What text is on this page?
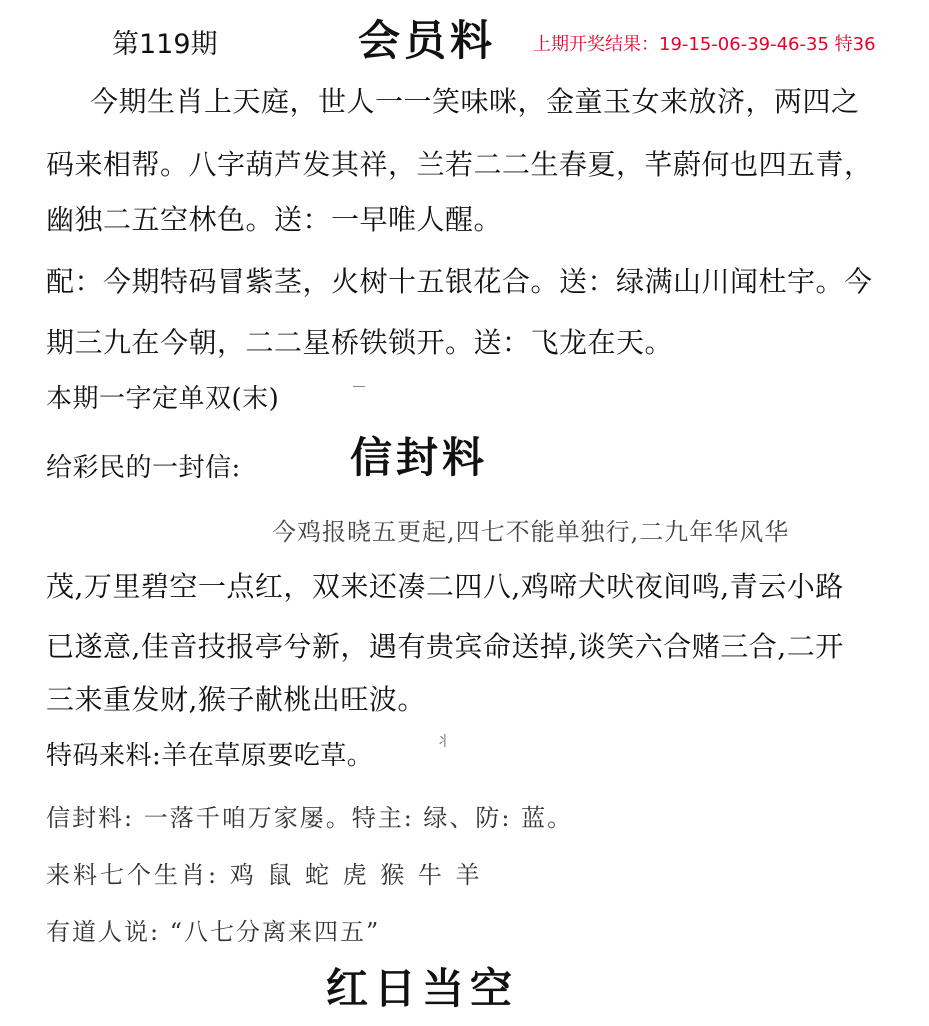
第119期	会员料 上期开奖结果：19-15-06-39-46-35 特36
今期生肖上天庭，世人一一笑味咪，金童玉女来放济，两四之
码来相帮。八字葫芦发其祥，兰若二二生春夏，芊蔚何也四五青，
幽独二五空林色。送：一早唯人醒。
配：今期特码冒紫茎，火树十五银花合。送：绿满山川闻杜宇。今
期三九在今朝，二二星桥铁锁开。送：飞龙在天。
本期一字定单双(末)
给彩民的一封信:	信封料
今鸡报晓五更起,四七不能单独行,二九年华风华
茂,万里碧空一点红，双来还凑二四八,鸡啼犬吠夜间鸣,青云小路
已遂意,佳音技报亭兮新，遇有贵宾命送掉,谈笑六合赌三合,二开
三来重发财,猴子献桃出旺波。
特码来料:羊在草原要吃草。	丬
信封料: 一落千咱万家屡。特主: 绿、防: 蓝。
来料七个生肖: 鸡 鼠 蛇 虎 猴 牛 羊
有道人说: “八七分离来四五”
红日当空
